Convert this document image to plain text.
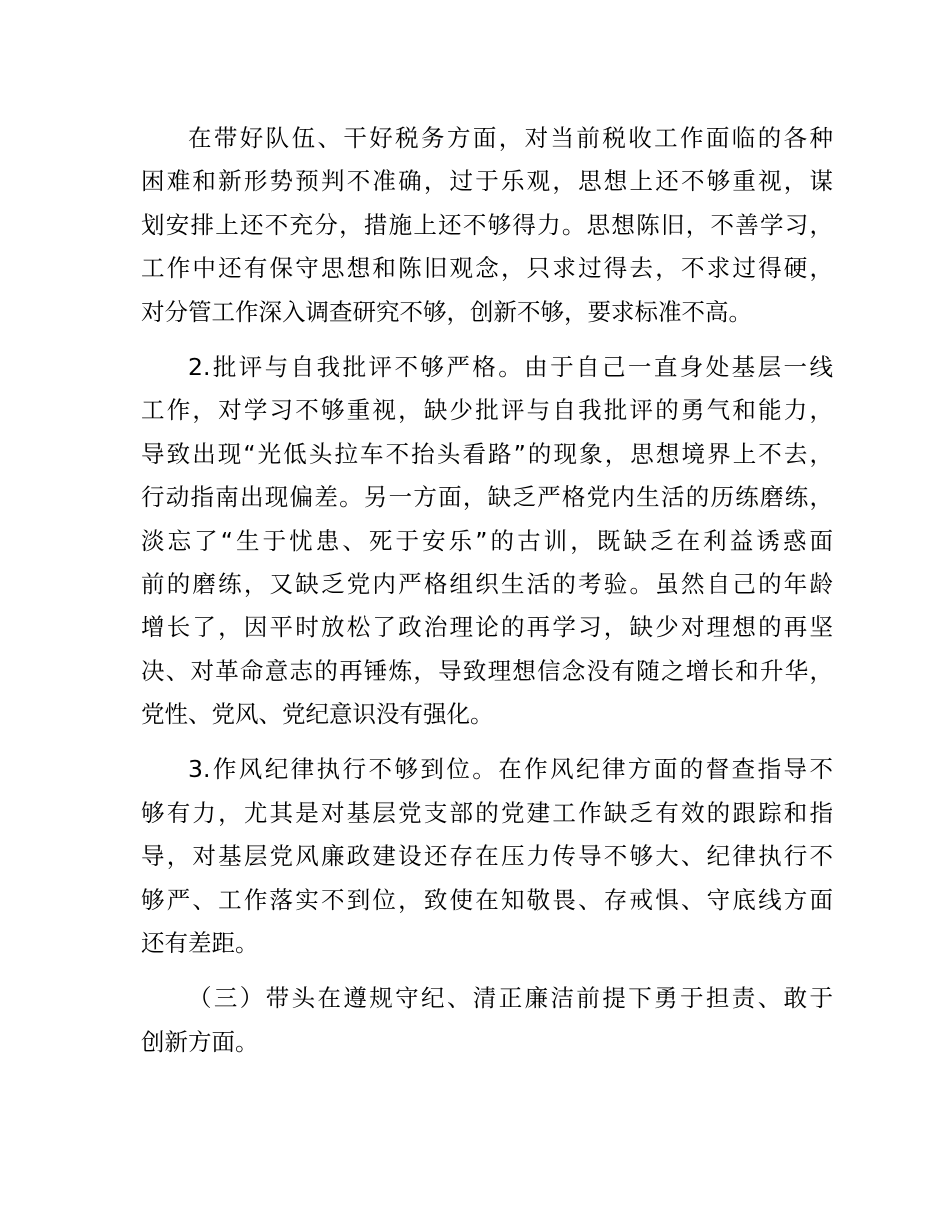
在带好队伍、干好税务方面，对当前税收工作面临的各种
困难和新形势预判不准确，过于乐观，思想上还不够重视，谋
划安排上还不充分，措施上还不够得力。思想陈旧，不善学习，
工作中还有保守思想和陈旧观念，只求过得去，不求过得硬，
对分管工作深入调查研究不够，创新不够，要求标准不高。

2.批评与自我批评不够严格。由于自己一直身处基层一线
工作，对学习不够重视，缺少批评与自我批评的勇气和能力，
导致出现“光低头拉车不抬头看路”的现象，思想境界上不去，
行动指南出现偏差。另一方面，缺乏严格党内生活的历练磨练，
淡忘了“生于忧患、死于安乐”的古训，既缺乏在利益诱惑面
前的磨练，又缺乏党内严格组织生活的考验。虽然自己的年龄
增长了，因平时放松了政治理论的再学习，缺少对理想的再坚
决、对革命意志的再锤炼，导致理想信念没有随之增长和升华，
党性、党风、党纪意识没有强化。

3.作风纪律执行不够到位。在作风纪律方面的督查指导不
够有力，尤其是对基层党支部的党建工作缺乏有效的跟踪和指
导，对基层党风廉政建设还存在压力传导不够大、纪律执行不
够严、工作落实不到位，致使在知敬畏、存戒惧、守底线方面
还有差距。

（三）带头在遵规守纪、清正廉洁前提下勇于担责、敢于
创新方面。
